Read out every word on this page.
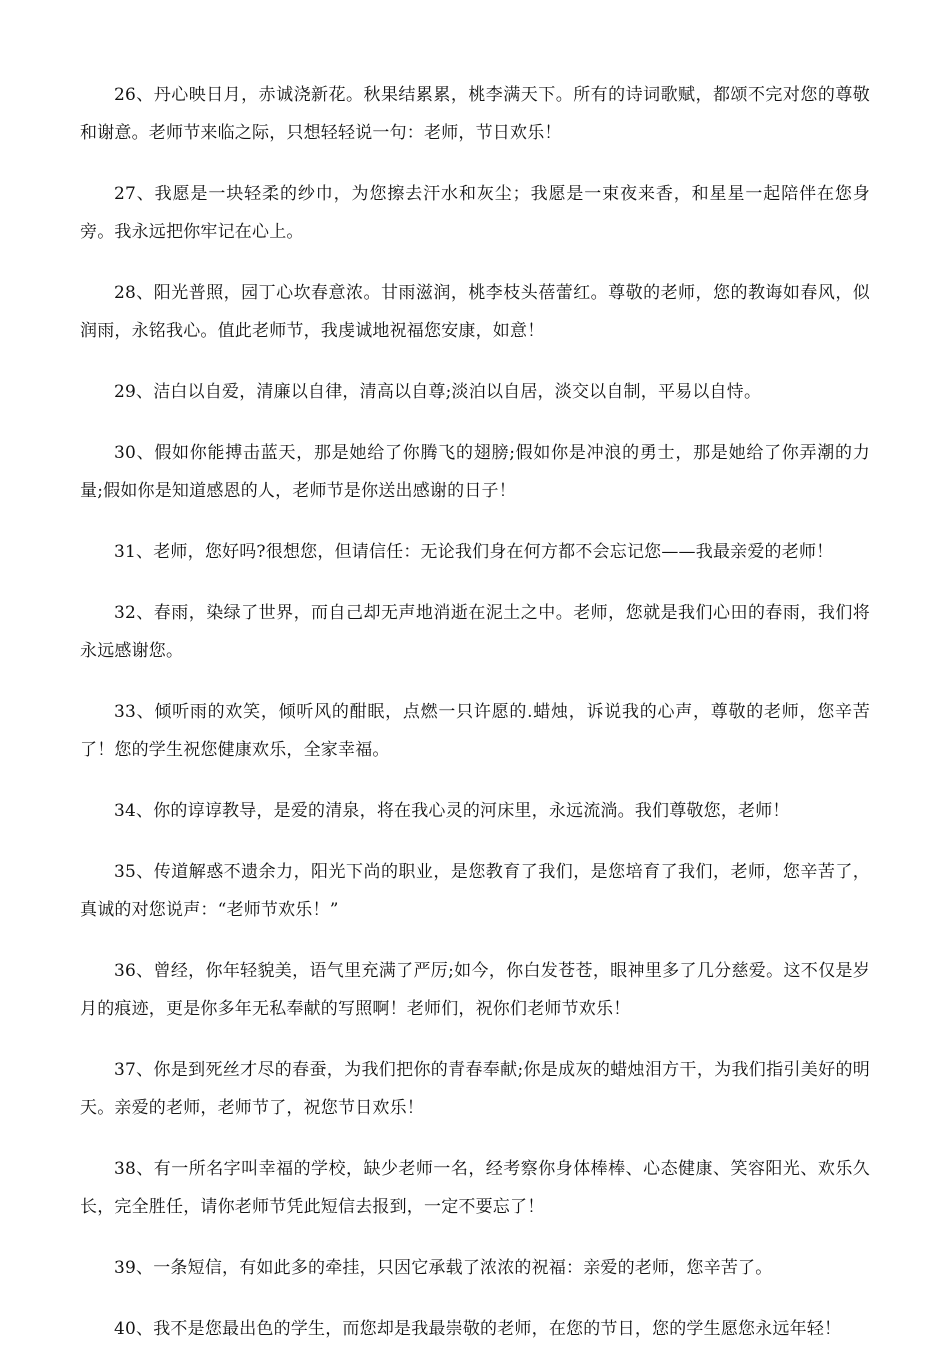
26、丹心映日月，赤诚浇新花。秋果结累累，桃李满天下。所有的诗词歌赋，都颂不完对您的尊敬和谢意。老师节来临之际，只想轻轻说一句：老师，节日欢乐！

27、我愿是一块轻柔的纱巾，为您擦去汗水和灰尘；我愿是一束夜来香，和星星一起陪伴在您身旁。我永远把你牢记在心上。

28、阳光普照，园丁心坎春意浓。甘雨滋润，桃李枝头蓓蕾红。尊敬的老师，您的教诲如春风，似润雨，永铭我心。值此老师节，我虔诚地祝福您安康，如意！

29、洁白以自爱，清廉以自律，清高以自尊;淡泊以自居，淡交以自制，平易以自恃。

30、假如你能搏击蓝天，那是她给了你腾飞的翅膀;假如你是冲浪的勇士，那是她给了你弄潮的力量;假如你是知道感恩的人，老师节是你送出感谢的日子！

31、老师，您好吗?很想您，但请信任：无论我们身在何方都不会忘记您——我最亲爱的老师！

32、春雨，染绿了世界，而自己却无声地消逝在泥土之中。老师，您就是我们心田的春雨，我们将永远感谢您。

33、倾听雨的欢笑，倾听风的酣眠，点燃一只许愿的.蜡烛，诉说我的心声，尊敬的老师，您辛苦了！您的学生祝您健康欢乐，全家幸福。

34、你的谆谆教导，是爱的清泉，将在我心灵的河床里，永远流淌。我们尊敬您，老师！

35、传道解惑不遗余力，阳光下尚的职业，是您教育了我们，是您培育了我们，老师，您辛苦了，真诚的对您说声：“老师节欢乐！”

36、曾经，你年轻貌美，语气里充满了严厉;如今，你白发苍苍，眼神里多了几分慈爱。这不仅是岁月的痕迹，更是你多年无私奉献的写照啊！老师们，祝你们老师节欢乐！

37、你是到死丝才尽的春蚕，为我们把你的青春奉献;你是成灰的蜡烛泪方干，为我们指引美好的明天。亲爱的老师，老师节了，祝您节日欢乐！

38、有一所名字叫幸福的学校，缺少老师一名，经考察你身体棒棒、心态健康、笑容阳光、欢乐久长，完全胜任，请你老师节凭此短信去报到，一定不要忘了！

39、一条短信，有如此多的牵挂，只因它承载了浓浓的祝福：亲爱的老师，您辛苦了。

40、我不是您最出色的学生，而您却是我最崇敬的老师，在您的节日，您的学生愿您永远年轻！
